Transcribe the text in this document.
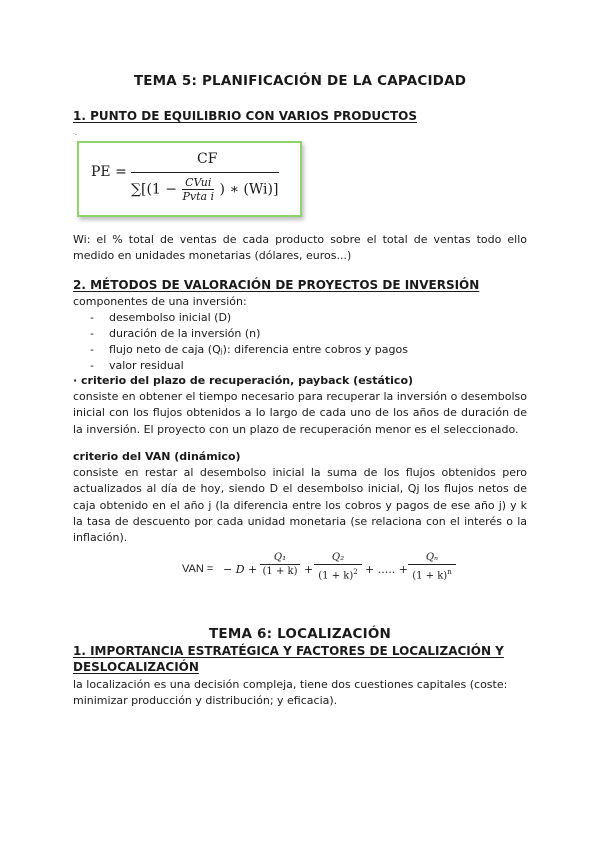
TEMA 5: PLANIFICACIÓN DE LA CAPACIDAD
1. PUNTO DE EQUILIBRIO CON VARIOS PRODUCTOS
·-
PE =
CF
$\sum[(1 - \frac{\text{CVui}}{\text{Pvta i}}$ ) ∗ (Wi)]
Wi: el % total de ventas de cada producto sobre el total de ventas todo ello medido en unidades monetarias (dólares, euros...)
2. MÉTODOS DE VALORACIÓN DE PROYECTOS DE INVERSIÓN
componentes de una inversión:
- desembolso inicial (D)
- duración de la inversión (n)
- flujo neto de caja (Qⱼ): diferencia entre cobros y pagos
- valor residual
· criterio del plazo de recuperación, payback (estático)
consiste en obtener el tiempo necesario para recuperar la inversión o desembolso inicial con los flujos obtenidos a lo largo de cada uno de los años de duración de la inversión. El proyecto con un plazo de recuperación menor es el seleccionado.
criterio del VAN (dinámico)
consiste en restar al desembolso inicial la suma de los flujos obtenidos pero actualizados al día de hoy, siendo D el desembolso inicial, Qj los flujos netos de caja obtenido en el año j (la diferencia entre los cobros y pagos de ese año j) y k la tasa de descuento por cada unidad monetaria (se relaciona con el interés o la inflación).
VAN = − $D + \frac{\text{Q₁}}{(1 + k)} + \frac{\text{Q₂}}{(1 + k)^2}$ + ..... + $\frac{\text{Qₙ}}{(1 + k)^n}$
TEMA 6: LOCALIZACIÓN
1. IMPORTANCIA ESTRATÉGICA Y FACTORES DE LOCALIZACIÓN Y
DESLOCALIZACIÓN
la localización es una decisión compleja, tiene dos cuestiones capitales (coste: minimizar producción y distribución; y eficacia).
